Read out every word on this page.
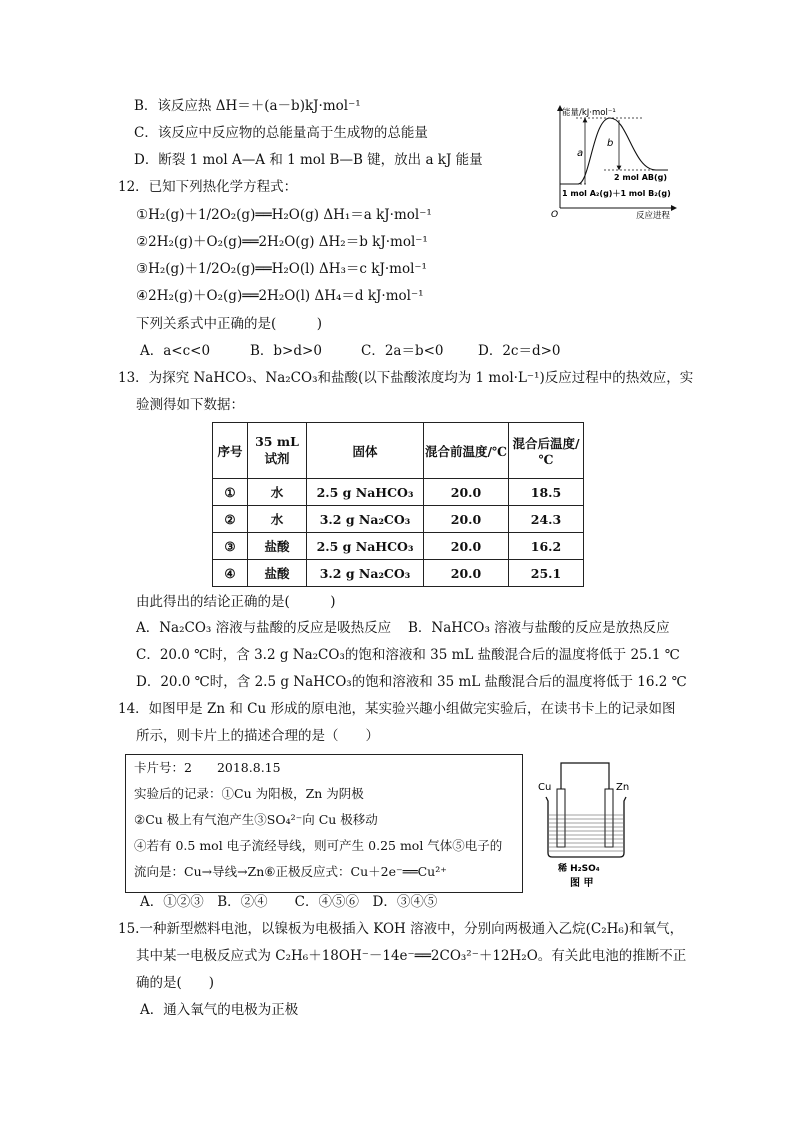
B．该反应热 ΔH＝＋(a－b)kJ·mol⁻¹
C．该反应中反应物的总能量高于生成物的总能量
D．断裂 1 mol A—A 和 1 mol B—B 键，放出 a kJ 能量
能量/kJ·mol⁻¹
O	反应进程
a
b
2 mol AB(g)
1 mol A₂(g)＋1 mol B₂(g)
12．已知下列热化学方程式：
①H₂(g)＋1/2O₂(g)══H₂O(g) ΔH₁＝a kJ·mol⁻¹
②2H₂(g)＋O₂(g)══2H₂O(g) ΔH₂＝b kJ·mol⁻¹
③H₂(g)＋1/2O₂(g)══H₂O(l) ΔH₃＝c kJ·mol⁻¹
④2H₂(g)＋O₂(g)══2H₂O(l) ΔH₄＝d kJ·mol⁻¹
下列关系式中正确的是(　　　)
A．a<c<0	B．b>d>0	C．2a＝b<0	D．2c＝d>0
13．为探究 NaHCO₃、Na₂CO₃和盐酸(以下盐酸浓度均为 1 mol·L⁻¹)反应过程中的热效应，实
验测得如下数据：
序号	35 mL 试剂	固体	混合前温度/℃	混合后温度/℃
①	水	2.5 g NaHCO₃	20.0	18.5
②	水	3.2 g Na₂CO₃	20.0	24.3
③	盐酸	2.5 g NaHCO₃	20.0	16.2
④	盐酸	3.2 g Na₂CO₃	20.0	25.1
由此得出的结论正确的是(　　　)
A．Na₂CO₃ 溶液与盐酸的反应是吸热反应 B．NaHCO₃ 溶液与盐酸的反应是放热反应
C．20.0 ℃时，含 3.2 g Na₂CO₃的饱和溶液和 35 mL 盐酸混合后的温度将低于 25.1 ℃
D．20.0 ℃时，含 2.5 g NaHCO₃的饱和溶液和 35 mL 盐酸混合后的温度将低于 16.2 ℃
14．如图甲是 Zn 和 Cu 形成的原电池，某实验兴趣小组做完实验后，在读书卡上的记录如图
所示，则卡片上的描述合理的是（　　）
卡片号：2　　2018.8.15
实验后的记录：①Cu 为阳极，Zn 为阴极
②Cu 极上有气泡产生③SO₄²⁻向 Cu 极移动
④若有 0.5 mol 电子流经导线，则可产生 0.25 mol 气体⑤电子的
流向是：Cu→导线→Zn⑥正极反应式：Cu＋2e⁻══Cu²⁺
A．①②③　B．②④　　C．④⑤⑥　D．③④⑤
Cu	Zn
稀 H₂SO₄
图 甲
15.一种新型燃料电池，以镍板为电极插入 KOH 溶液中，分别向两极通入乙烷(C₂H₆)和氧气，
其中某一电极反应式为 C₂H₆＋18OH⁻－14e⁻══2CO₃²⁻＋12H₂O。有关此电池的推断不正
确的是(　　)
A．通入氧气的电极为正极
